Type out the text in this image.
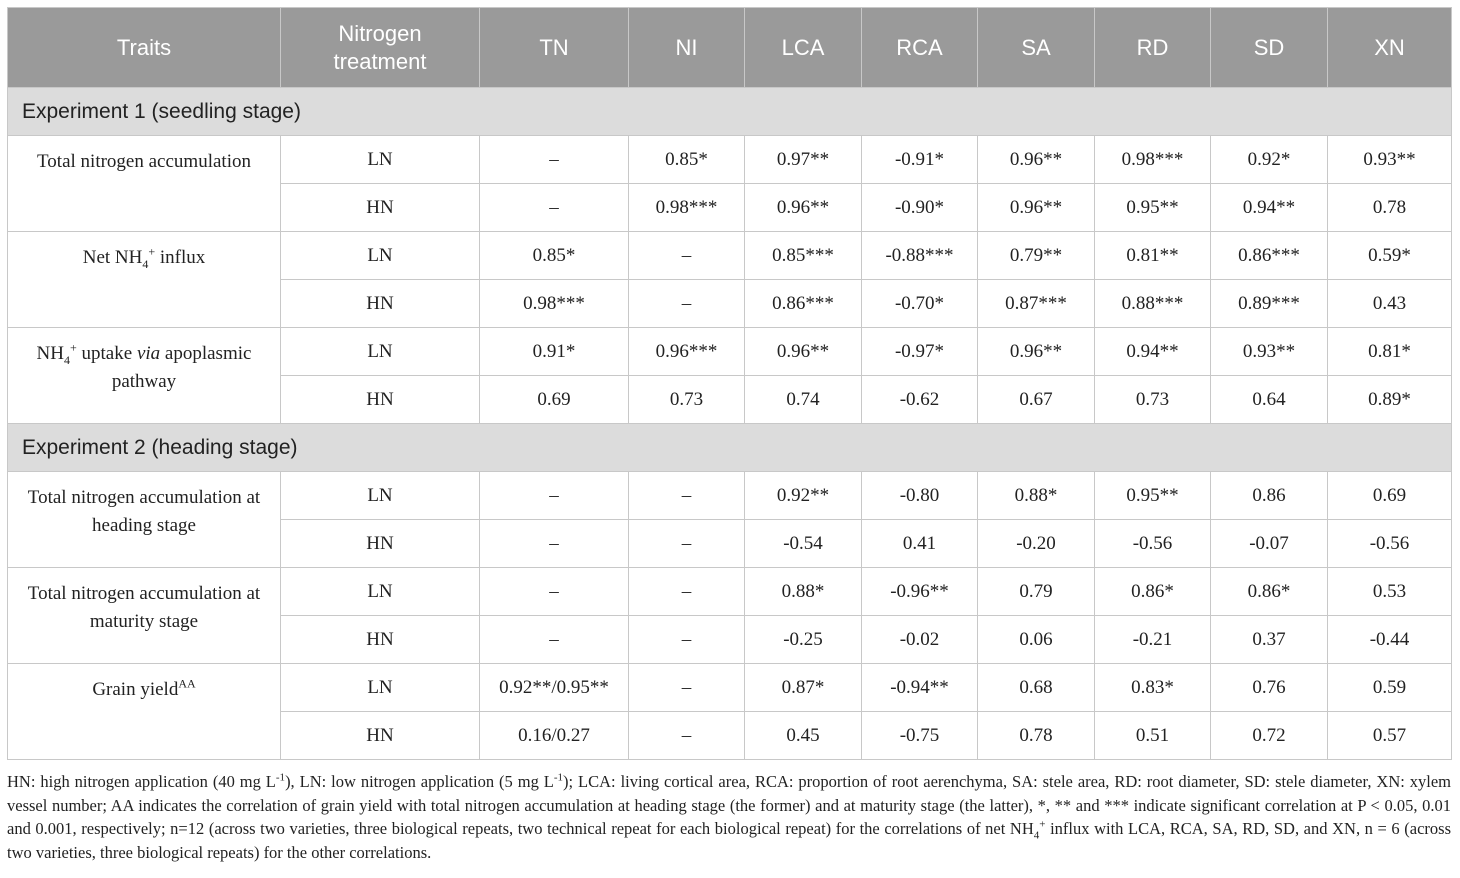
Traits	Nitrogen treatment	TN	NI	LCA	RCA	SA	RD	SD	XN
Experiment 1 (seedling stage)									
Total nitrogen accumulation	LN	–	0.85*	0.97**	-0.91*	0.96**	0.98***	0.92*	0.93**
	HN	–	0.98***	0.96**	-0.90*	0.96**	0.95**	0.94**	0.78
Net $NH_4^+$ influx	LN	0.85*	–	0.85***	-0.88***	0.79**	0.81**	0.86***	0.59*
	HN	0.98***	–	0.86***	-0.70*	0.87***	0.88***	0.89***	0.43
$NH_4^+$ uptake via apoplasmic pathway	LN	0.91*	0.96***	0.96**	-0.97*	0.96**	0.94**	0.93**	0.81*
	HN	0.69	0.73	0.74	-0.62	0.67	0.73	0.64	0.89*
Experiment 2 (heading stage)									
Total nitrogen accumulation at heading stage	LN	–	–	0.92**	-0.80	0.88*	0.95**	0.86	0.69
	HN	–	–	-0.54	0.41	-0.20	-0.56	-0.07	-0.56
Total nitrogen accumulation at maturity stage	LN	–	–	0.88*	-0.96**	0.79	0.86*	0.86*	0.53
	HN	–	–	-0.25	-0.02	0.06	-0.21	0.37	-0.44
Grain yield$^{AA}$	LN	0.92**/0.95**	–	0.87*	-0.94**	0.68	0.83*	0.76	0.59
	HN	0.16/0.27	–	0.45	-0.75	0.78	0.51	0.72	0.57
HN: high nitrogen application (40 mg $L^{-1}$), LN: low nitrogen application (5 mg $L^{-1}$); LCA: living cortical area, RCA: proportion of root aerenchyma, SA: stele area, RD: root diameter, SD: stele diameter, XN: xylem vessel number; AA indicates the correlation of grain yield with total nitrogen accumulation at heading stage (the former) and at maturity stage (the latter), *, ** and *** indicate significant correlation at P < 0.05, 0.01 and 0.001, respectively; n=12 (across two varieties, three biological repeats, two technical repeat for each biological repeat) for the correlations of net $NH_4^+$ influx with LCA, RCA, SA, RD, SD, and XN, n = 6 (across two varieties, three biological repeats) for the other correlations.
